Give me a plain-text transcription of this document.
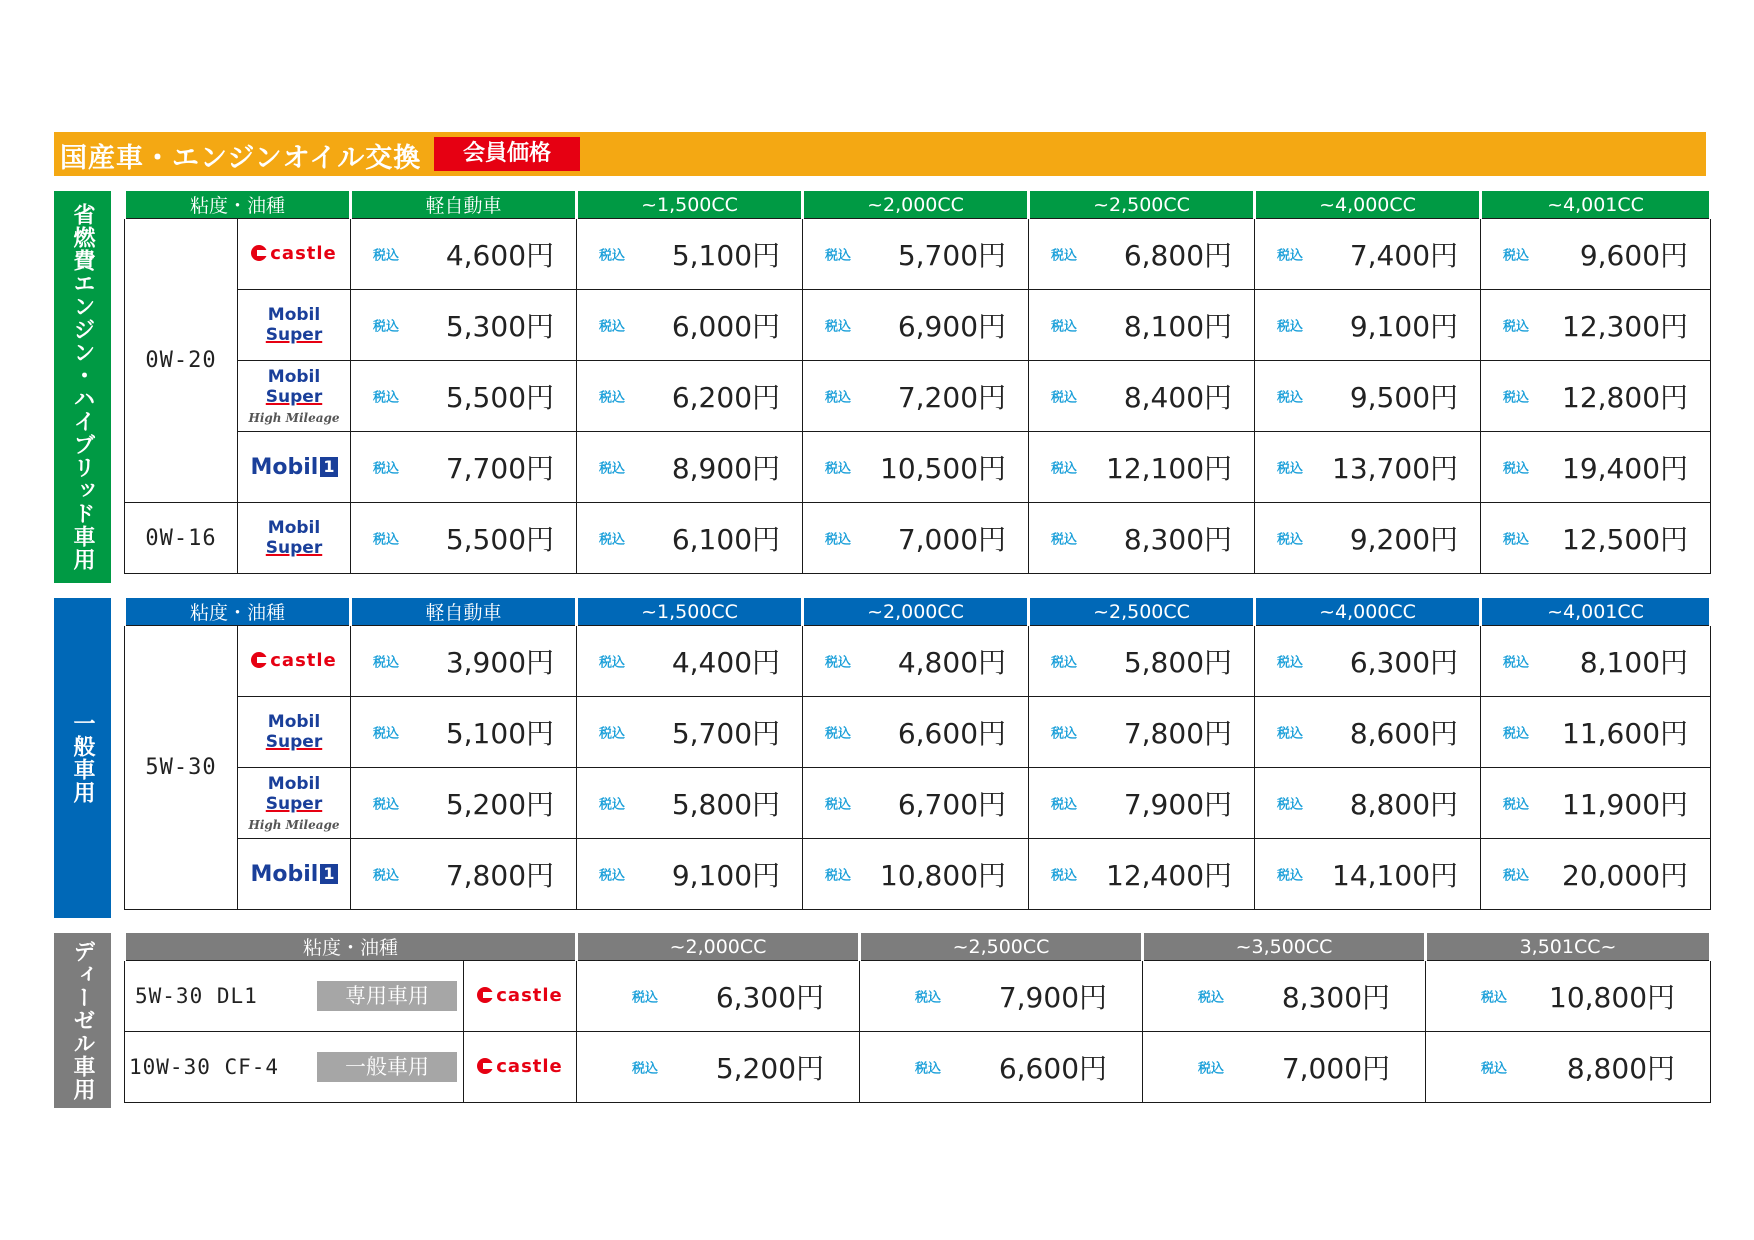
国産車・エンジンオイル交換	会員価格
省燃費エンジン・ハイブリッド車用
一般車用
ディーゼル車用
粘度・油種		軽自動車	~1,500CC	~2,000CC	~2,500CC	~4,000CC	~4,001CC
0W-20	castle	税込 4,600円	税込 5,100円	税込 5,700円	税込 6,800円	税込 7,400円	税込 9,600円

	Mobil Super	税込 5,300円	税込 6,000円	税込 6,900円	税込 8,100円	税込 9,100円	税込 12,300円

	Mobil Super
High Mileage	税込 5,500円	税込 6,200円	税込 7,200円	税込 8,400円	税込 9,500円	税込 12,800円

	Mobil 1	税込 7,700円	税込 8,900円	税込 10,500円	税込 12,100円	税込 13,700円	税込 19,400円

0W-16	Mobil Super	税込 5,500円	税込 6,100円	税込 7,000円	税込 8,300円	税込 9,200円	税込 12,500円
粘度・油種		軽自動車	~1,500CC	~2,000CC	~2,500CC	~4,000CC	~4,001CC
5W-30	castle	税込 3,900円	税込 4,400円	税込 4,800円	税込 5,800円	税込 6,300円	税込 8,100円

	Mobil Super	税込 5,100円	税込 5,700円	税込 6,600円	税込 7,800円	税込 8,600円	税込 11,600円

	Mobil Super
High Mileage	税込 5,200円	税込 5,800円	税込 6,700円	税込 7,900円	税込 8,800円	税込 11,900円

	Mobil 1	税込 7,800円	税込 9,100円	税込 10,800円	税込 12,400円	税込 14,100円	税込 20,000円
粘度・油種		~2,000CC	~2,500CC	~3,500CC	3,501CC~

5W-30 DL1 専用車用	castle	税込 6,300円	税込 7,900円	税込 8,300円	税込 10,800円

10W-30 CF-4 一般車用	castle	税込 5,200円	税込 6,600円	税込 7,000円	税込 8,800円
